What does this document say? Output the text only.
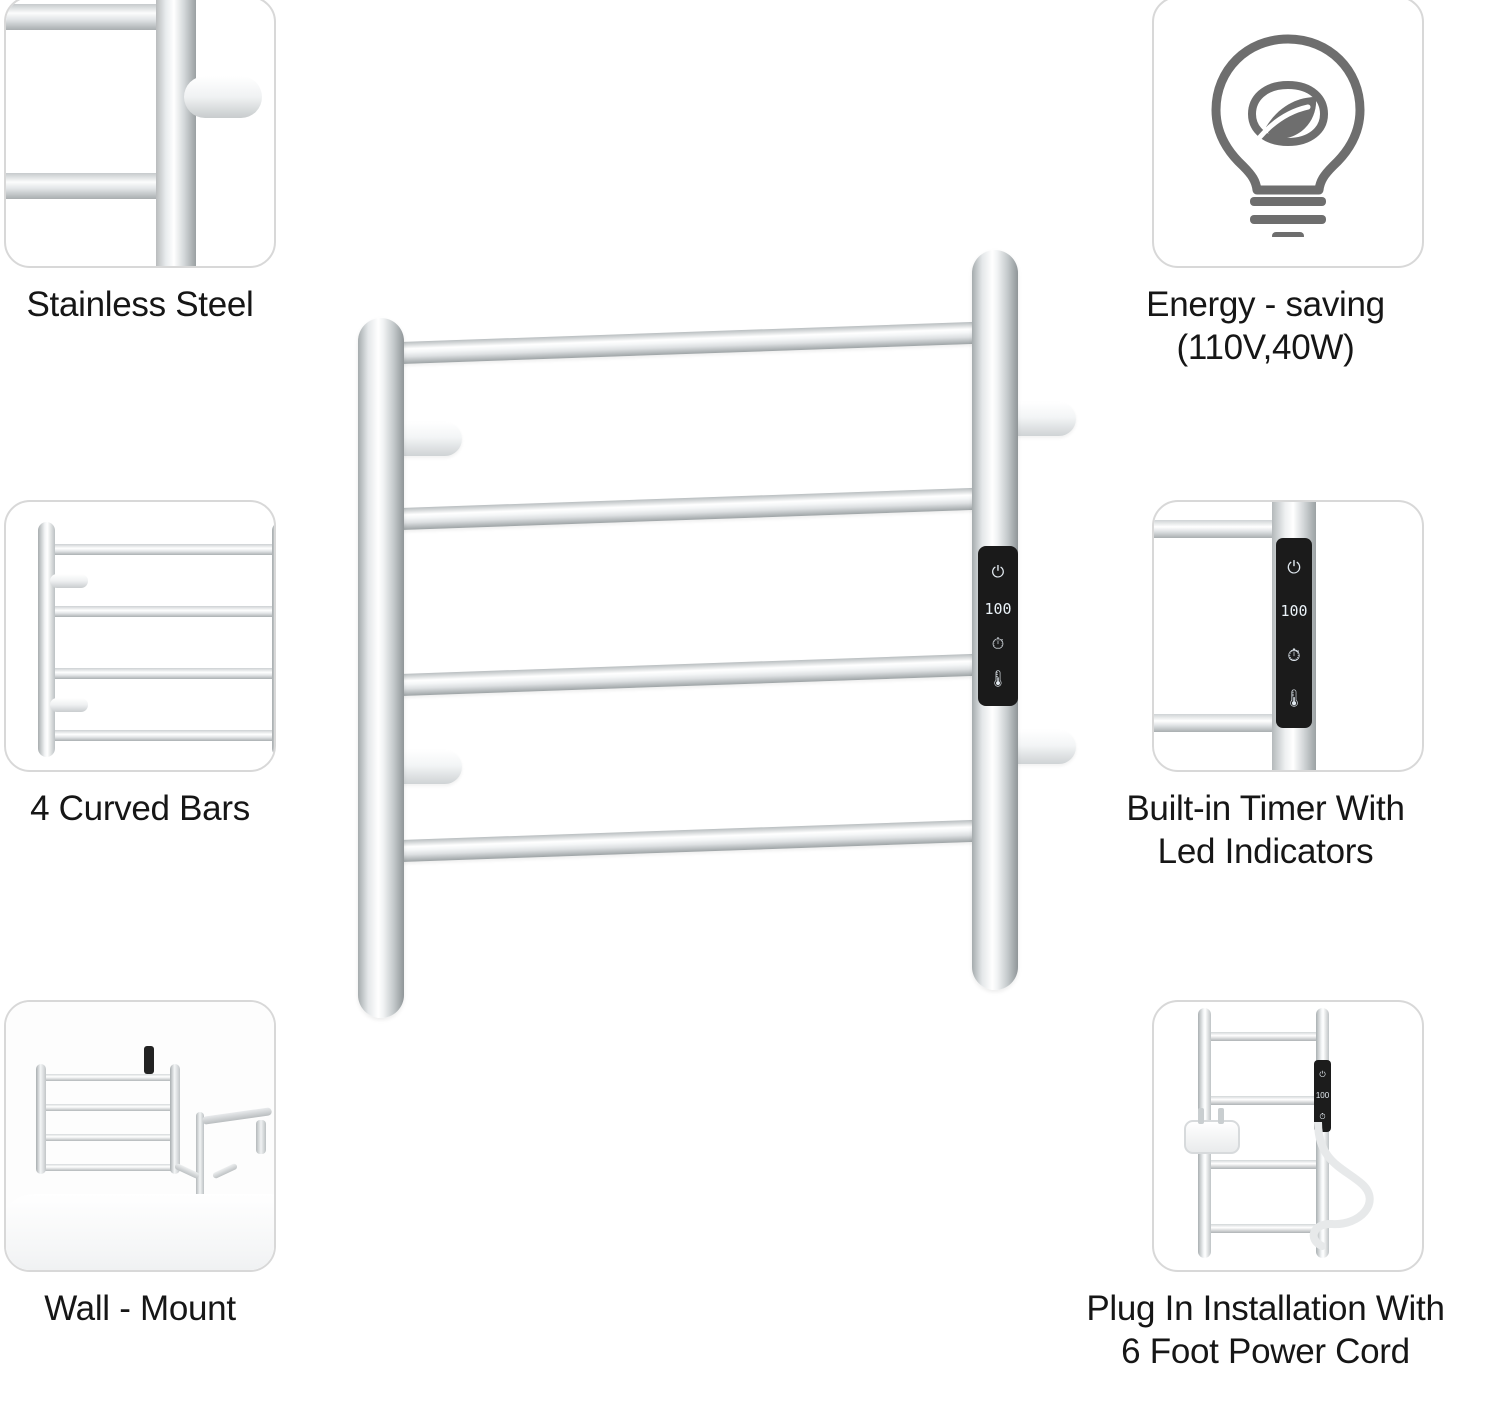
Stainless Steel
4 Curved Bars
Wall - Mount
Energy - saving
(110V,40W)
⏻
100
⏱
🌡
Built-in Timer With
Led Indicators
⏻
100
⏱
Plug In Installation With
6 Foot Power Cord
⏻
100
⏱
🌡
